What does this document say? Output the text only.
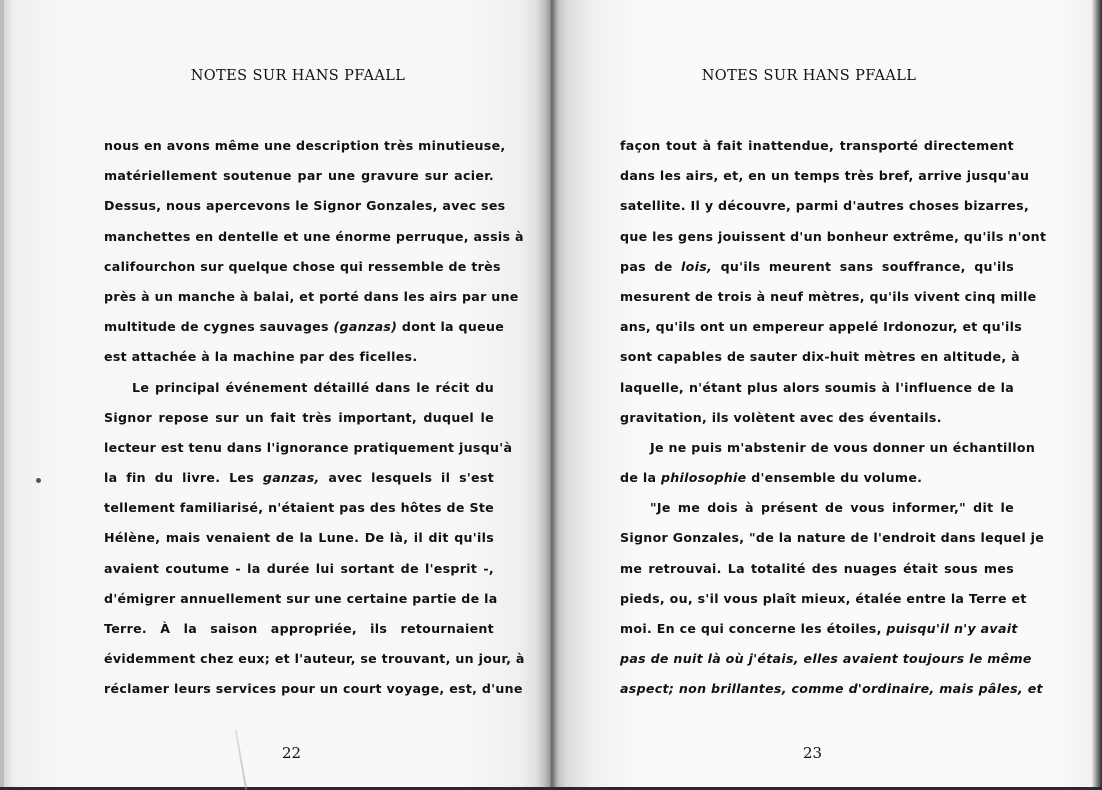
NOTES SUR HANS PFAALL
nous en avons même une description très minutieuse,
matériellement soutenue par une gravure sur acier.
Dessus, nous apercevons le Signor Gonzales, avec ses
manchettes en dentelle et une énorme perruque, assis à
califourchon sur quelque chose qui ressemble de très
près à un manche à balai, et porté dans les airs par une
multitude de cygnes sauvages (ganzas) dont la queue
est attachée à la machine par des ficelles.
Le principal événement détaillé dans le récit du
Signor repose sur un fait très important, duquel le
lecteur est tenu dans l'ignorance pratiquement jusqu'à
la fin du livre. Les ganzas, avec lesquels il s'est
tellement familiarisé, n'étaient pas des hôtes de Ste
Hélène, mais venaient de la Lune. De là, il dit qu'ils
avaient coutume - la durée lui sortant de l'esprit -,
d'émigrer annuellement sur une certaine partie de la
Terre. À la saison appropriée, ils retournaient
évidemment chez eux; et l'auteur, se trouvant, un jour, à
réclamer leurs services pour un court voyage, est, d'une
22
NOTES SUR HANS PFAALL
façon tout à fait inattendue, transporté directement
dans les airs, et, en un temps très bref, arrive jusqu'au
satellite. Il y découvre, parmi d'autres choses bizarres,
que les gens jouissent d'un bonheur extrême, qu'ils n'ont
pas de lois, qu'ils meurent sans souffrance, qu'ils
mesurent de trois à neuf mètres, qu'ils vivent cinq mille
ans, qu'ils ont un empereur appelé Irdonozur, et qu'ils
sont capables de sauter dix-huit mètres en altitude, à
laquelle, n'étant plus alors soumis à l'influence de la
gravitation, ils volètent avec des éventails.
Je ne puis m'abstenir de vous donner un échantillon
de la philosophie d'ensemble du volume.
"Je me dois à présent de vous informer," dit le
Signor Gonzales, "de la nature de l'endroit dans lequel je
me retrouvai. La totalité des nuages était sous mes
pieds, ou, s'il vous plaît mieux, étalée entre la Terre et
moi. En ce qui concerne les étoiles, puisqu'il n'y avait
pas de nuit là où j'étais, elles avaient toujours le même
aspect; non brillantes, comme d'ordinaire, mais pâles, et
23
